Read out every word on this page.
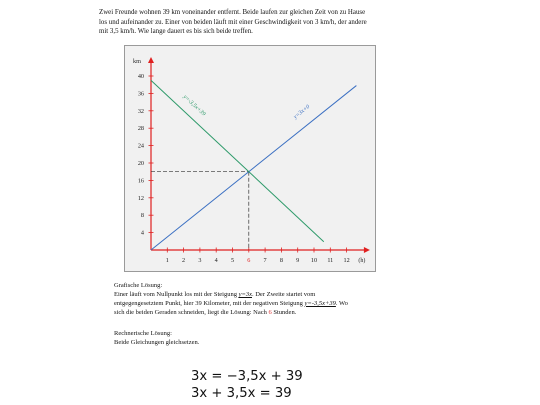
Zwei Freunde wohnen 39 km voneinander entfernt. Beide laufen zur gleichen Zeit von zu Hause

los und aufeinander zu. Einer von beiden läuft mit einer Geschwindigkeit von 3 km/h, der andere

mit 3,5 km/h. Wie lange dauert es bis sich beide treffen.

1 2 3 4 5 6 7 8 9 10 11 12 (h)
4
8
12
16
20
24
28
32
36
40
km
y=3x+0
y=-3,5x+39

Grafische Lösung:

Einer läuft vom Nullpunkt los mit der Steigung y=3x. Der Zweite startet vom

entgegengesetztem Punkt, hier 39 Kilometer, mit der negativen Steigung y=-3,5x+39. Wo

sich die beiden Geraden schneiden, liegt die Lösung: Nach 6 Stunden.

Rechnerische Lösung:

Beide Gleichungen gleichsetzen.

3x = −3,5x + 39
3x + 3,5x = 39
